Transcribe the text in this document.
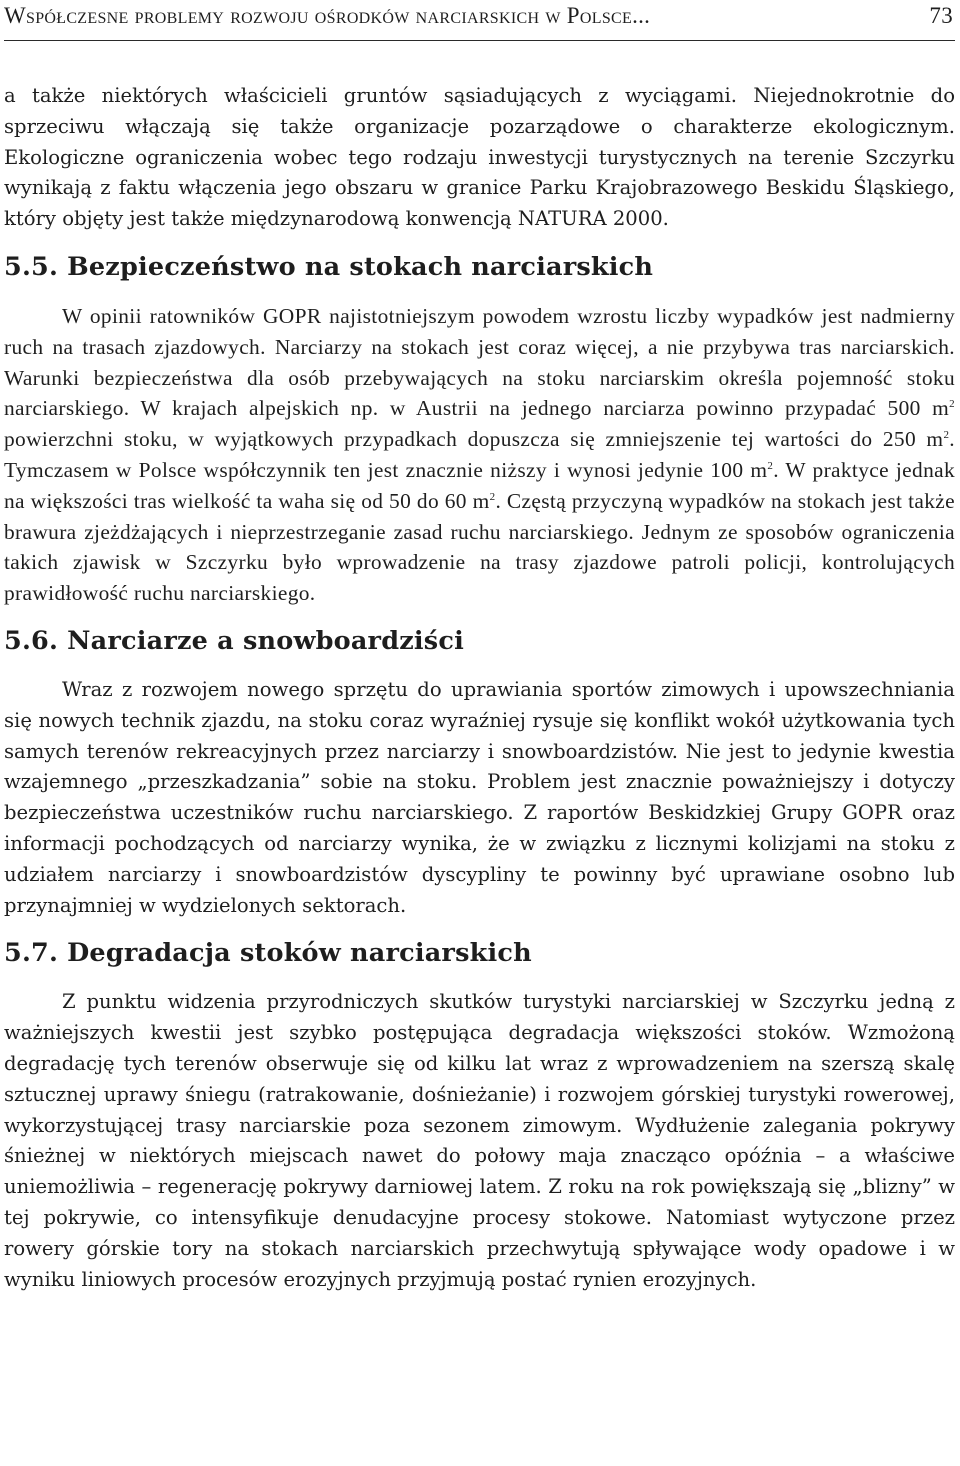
Współczesne problemy rozwoju ośrodków narciarskich w Polsce...	73

a także niektórych właścicieli gruntów sąsiadujących z wyciągami. Niejednokrotnie do sprzeciwu włączają się także organizacje pozarządowe o charakterze ekologicznym. Ekologiczne ograniczenia wobec tego rodzaju inwestycji turystycznych na terenie Szczyrku wynikają z faktu włączenia jego obszaru w granice Parku Krajobrazowego Beskidu Śląskiego, który objęty jest także międzynarodową konwencją NATURA 2000.

5.5. Bezpieczeństwo na stokach narciarskich

W opinii ratowników GOPR najistotniejszym powodem wzrostu liczby wypadków jest nadmierny ruch na trasach zjazdowych. Narciarzy na stokach jest coraz więcej, a nie przybywa tras narciarskich. Warunki bezpieczeństwa dla osób przebywających na stoku narciarskim określa pojemność stoku narciarskiego. W krajach alpejskich np. w Austrii na jednego narciarza powinno przypadać 500 $m^2$ powierzchni stoku, w wyjątkowych przypadkach dopuszcza się zmniejszenie tej wartości do 250 $m^2$. Tymczasem w Polsce współczynnik ten jest znacznie niższy i wynosi jedynie 100 $m^2$. W praktyce jednak na większości tras wielkość ta waha się od 50 do 60 $m^2$. Częstą przyczyną wypadków na stokach jest także brawura zjeżdżających i nieprzestrzeganie zasad ruchu narciarskiego. Jednym ze sposobów ograniczenia takich zjawisk w Szczyrku było wprowadzenie na trasy zjazdowe patroli policji, kontrolujących prawidłowość ruchu narciarskiego.

5.6. Narciarze a snowboardziści

Wraz z rozwojem nowego sprzętu do uprawiania sportów zimowych i upowszechniania się nowych technik zjazdu, na stoku coraz wyraźniej rysuje się konflikt wokół użytkowania tych samych terenów rekreacyjnych przez narciarzy i snowboardzistów. Nie jest to jedynie kwestia wzajemnego „przeszkadzania” sobie na stoku. Problem jest znacznie poważniejszy i dotyczy bezpieczeństwa uczestników ruchu narciarskiego. Z raportów Beskidzkiej Grupy GOPR oraz informacji pochodzących od narciarzy wynika, że w związku z licznymi kolizjami na stoku z udziałem narciarzy i snowboardzistów dyscypliny te powinny być uprawiane osobno lub przynajmniej w wydzielonych sektorach.

5.7. Degradacja stoków narciarskich

Z punktu widzenia przyrodniczych skutków turystyki narciarskiej w Szczyrku jedną z ważniejszych kwestii jest szybko postępująca degradacja większości stoków. Wzmożoną degradację tych terenów obserwuje się od kilku lat wraz z wprowadzeniem na szerszą skalę sztucznej uprawy śniegu (ratrakowanie, dośnieżanie) i rozwojem górskiej turystyki rowerowej, wykorzystującej trasy narciarskie poza sezonem zimowym. Wydłużenie zalegania pokrywy śnieżnej w niektórych miejscach nawet do połowy maja znacząco opóźnia – a właściwe uniemożliwia – regenerację pokrywy darniowej latem. Z roku na rok powiększają się „blizny” w tej pokrywie, co intensyfikuje denudacyjne procesy stokowe. Natomiast wytyczone przez rowery górskie tory na stokach narciarskich przechwytują spływające wody opadowe i w wyniku liniowych procesów erozyjnych przyjmują postać rynien erozyjnych.
